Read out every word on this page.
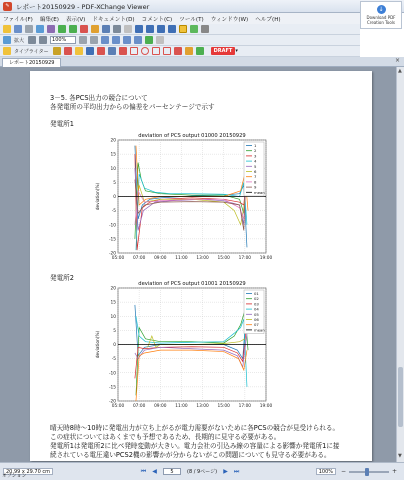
✎ レポート20150929 - PDF-XChange Viewer	↓
Download PDF Creation Tools
ファイル(F) 編集(E) 表示(V) ドキュメント(D) コメント(C) ツール(T) ウィンドウ(W) ヘルプ(H)
拡大	100%
タイプライター	DRAFT ▾
レポート20150929	×
3－5. 各PCS出力の競合について
各発電所の平均出力からの偏差をパーセンテージで示す
発電所1
-20
-15
-10
-5
0
5
10
15
20
05:00 07:00 09:00 11:00 13:00 15:00 17:00 19:00
deviation of PCS output 01000 20150929
deviation(%)
1
2
3
4
5
6
7
8
9
mean
発電所2
-20
-15
-10
-5
0
5
10
15
20
05:00 07:00 09:00 11:00 13:00 15:00 17:00 19:00
deviation of PCS output 01001 20150929
deviation(%)
01
02
03
04
05
06
07
mean
晴天時8時～10時に発電出力が立ち上がるが電力需要がないために各PCSの競合が見受けられる。
この症状についてはあくまでも予想であるため、長期的に見守る必要がある。
発電所1は発電所2に比べ発時変動が大きい。電力会社の引込み線の容量による影響か発電所1に接
続されている電圧違いPCS2機の影響かが分からないがこの問題についても見守る必要がある。
▲
▼
20.99 x 29.70 cm
オプション
⏮ ◀	5	(8 / 9ページ) ▶ ⏭	100%	−	+
